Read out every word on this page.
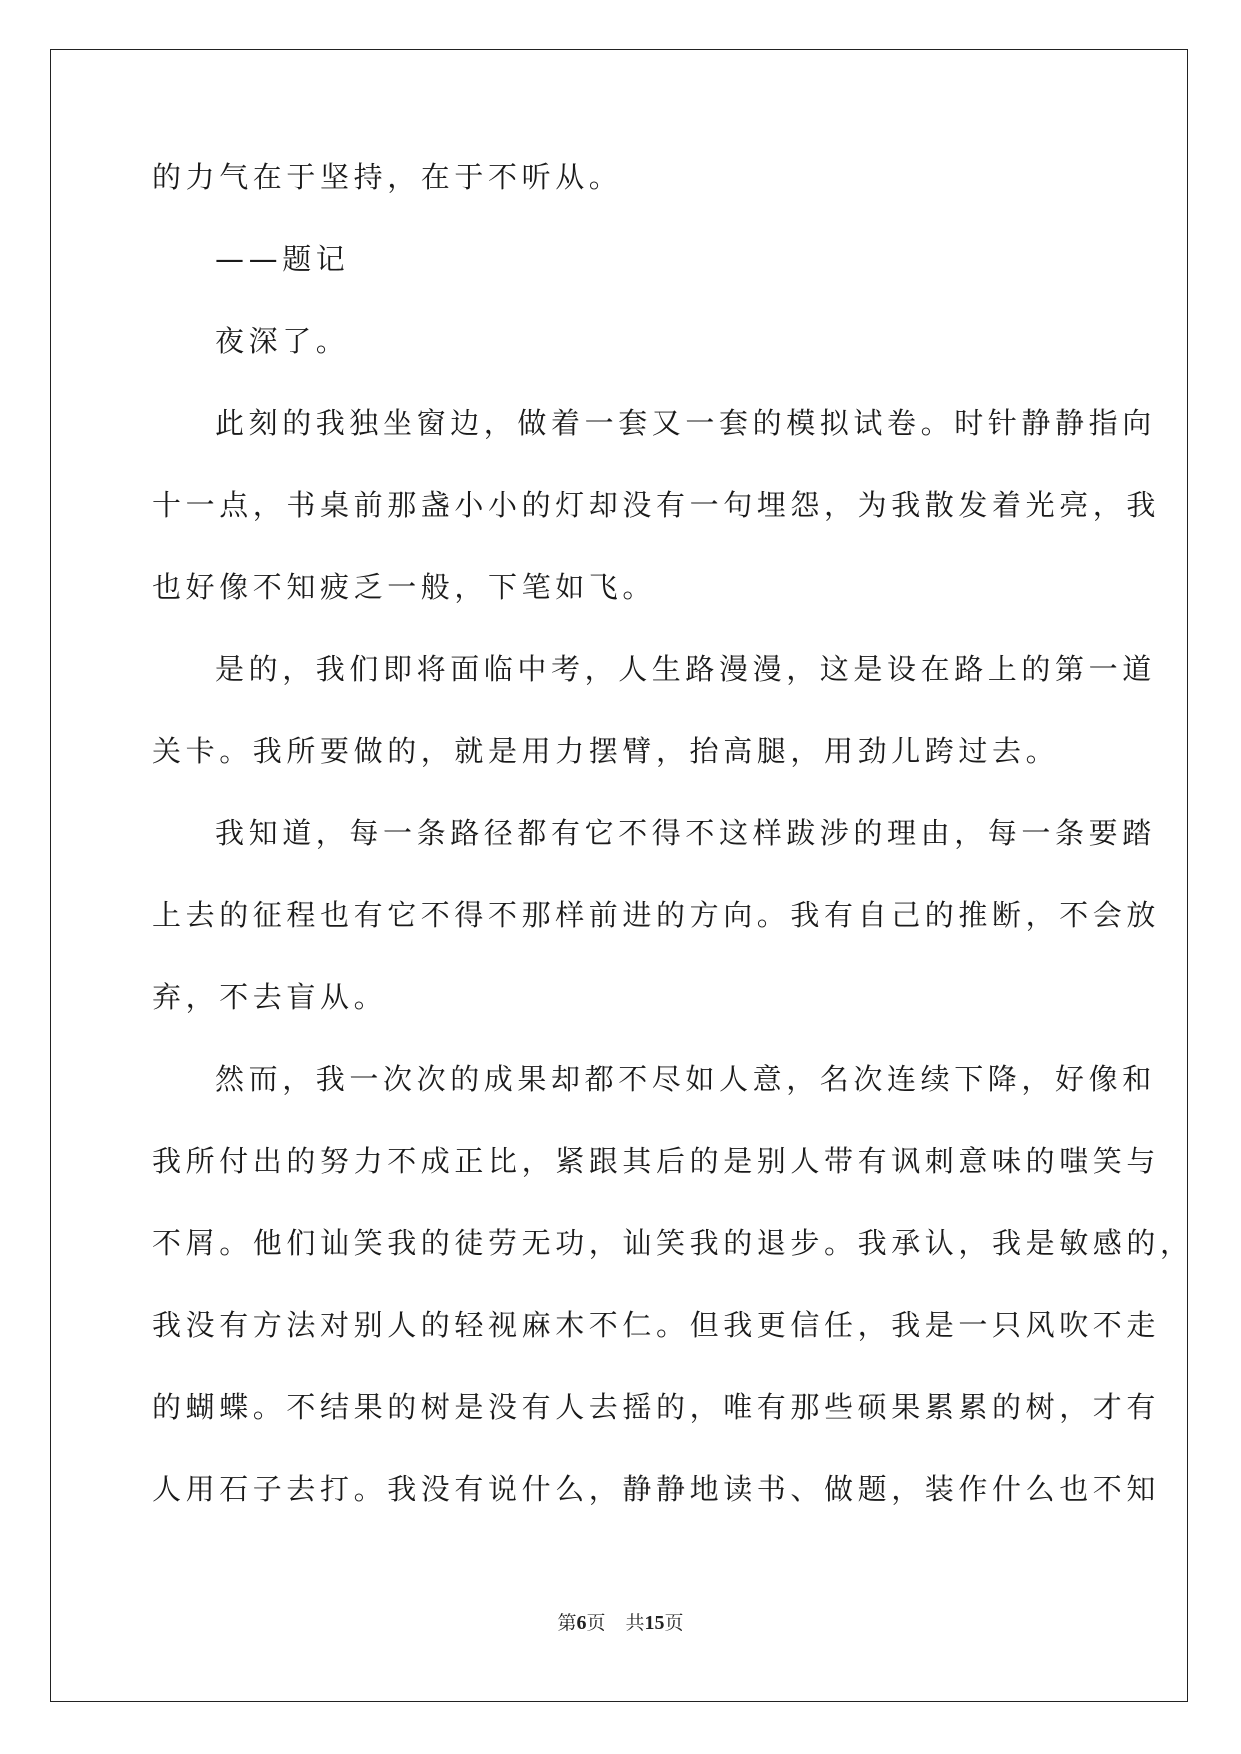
的力气在于坚持，在于不听从。
——题记
夜深了。
此刻的我独坐窗边，做着一套又一套的模拟试卷。时针静静指向
十一点，书桌前那盏小小的灯却没有一句埋怨，为我散发着光亮，我
也好像不知疲乏一般，下笔如飞。
是的，我们即将面临中考，人生路漫漫，这是设在路上的第一道
关卡。我所要做的，就是用力摆臂，抬高腿，用劲儿跨过去。
我知道，每一条路径都有它不得不这样跋涉的理由，每一条要踏
上去的征程也有它不得不那样前进的方向。我有自己的推断，不会放
弃，不去盲从。
然而，我一次次的成果却都不尽如人意，名次连续下降，好像和
我所付出的努力不成正比，紧跟其后的是别人带有讽刺意味的嗤笑与
不屑。他们讪笑我的徒劳无功，讪笑我的退步。我承认，我是敏感的，
我没有方法对别人的轻视麻木不仁。但我更信任，我是一只风吹不走
的蝴蝶。不结果的树是没有人去摇的，唯有那些硕果累累的树，才有
人用石子去打。我没有说什么，静静地读书、做题，装作什么也不知
第6页 共15页
